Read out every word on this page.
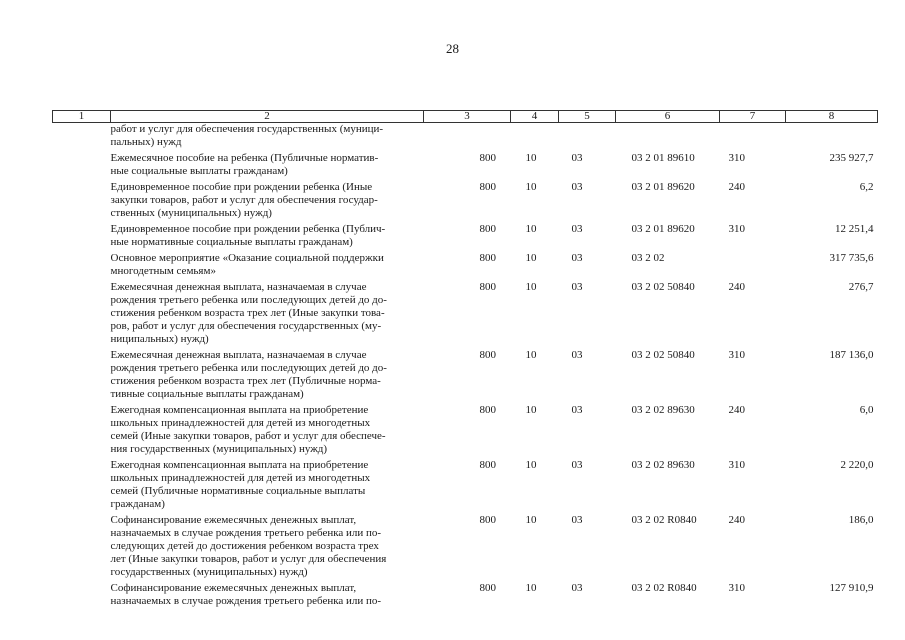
28
1	2	3	4	5	6	7	8
	работ и услуг для обеспечения государственных (муници-
пальных) нужд						
	Ежемесячное пособие на ребенка (Публичные норматив-
ные социальные выплаты гражданам)	800	10	03	03 2 01 89610	310	235 927,7
	Единовременное пособие при рождении ребенка (Иные
закупки товаров, работ и услуг для обеспечения государ-
ственных (муниципальных) нужд)	800	10	03	03 2 01 89620	240	6,2
	Единовременное пособие при рождении ребенка (Публич-
ные нормативные социальные выплаты гражданам)	800	10	03	03 2 01 89620	310	12 251,4
	Основное мероприятие «Оказание социальной поддержки
многодетным семьям»	800	10	03	03 2 02		317 735,6
	Ежемесячная денежная выплата, назначаемая в случае
рождения третьего ребенка или последующих детей до до-
стижения ребенком возраста трех лет (Иные закупки това-
ров, работ и услуг для обеспечения государственных (му-
ниципальных) нужд)	800	10	03	03 2 02 50840	240	276,7
	Ежемесячная денежная выплата, назначаемая в случае
рождения третьего ребенка или последующих детей до до-
стижения ребенком возраста трех лет (Публичные норма-
тивные социальные выплаты гражданам)	800	10	03	03 2 02 50840	310	187 136,0
	Ежегодная компенсационная выплата на приобретение
школьных принадлежностей для детей из многодетных
семей (Иные закупки товаров, работ и услуг для обеспече-
ния государственных (муниципальных) нужд)	800	10	03	03 2 02 89630	240	6,0
	Ежегодная компенсационная выплата на приобретение
школьных принадлежностей для детей из многодетных
семей (Публичные нормативные социальные выплаты
гражданам)	800	10	03	03 2 02 89630	310	2 220,0
	Софинансирование ежемесячных денежных выплат,
назначаемых в случае рождения третьего ребенка или по-
следующих детей до достижения ребенком возраста трех
лет (Иные закупки товаров, работ и услуг для обеспечения
государственных (муниципальных) нужд)	800	10	03	03 2 02 R0840	240	186,0
	Софинансирование ежемесячных денежных выплат,
назначаемых в случае рождения третьего ребенка или по-	800	10	03	03 2 02 R0840	310	127 910,9
